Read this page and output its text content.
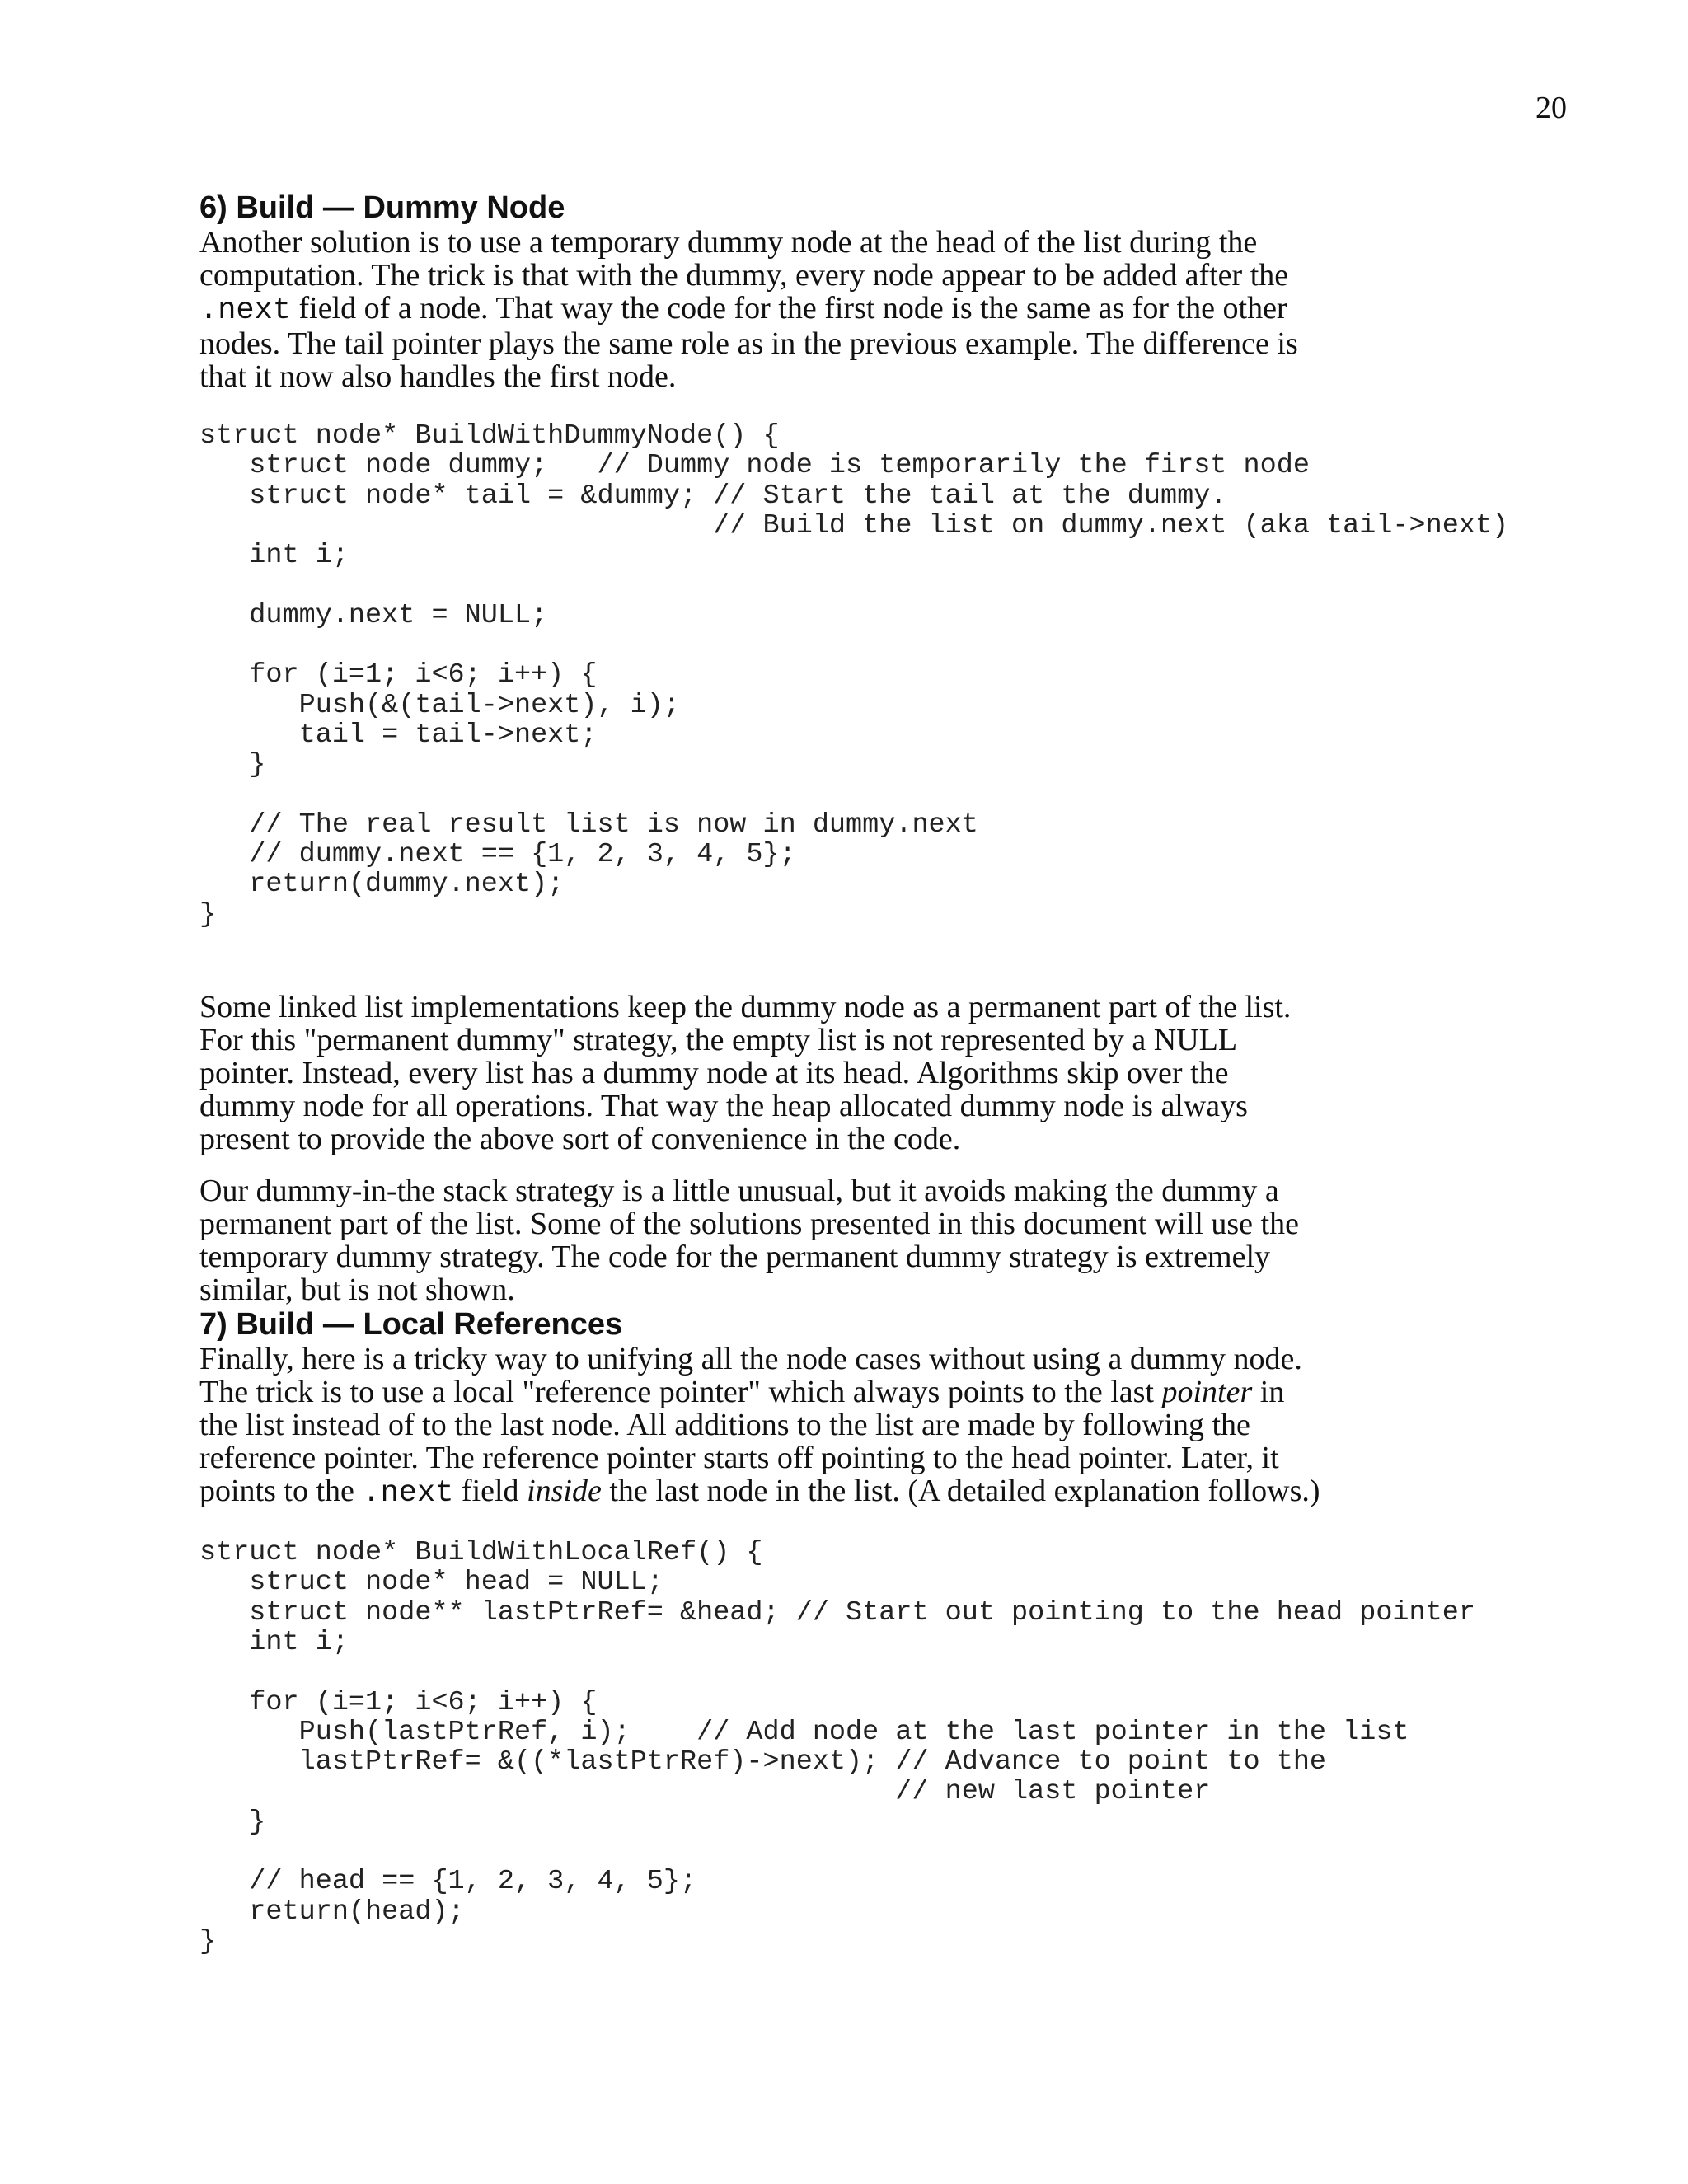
20
6) Build — Dummy Node

Another solution is to use a temporary dummy node at the head of the list during the
computation. The trick is that with the dummy, every node appear to be added after the
.next field of a node. That way the code for the first node is the same as for the other
nodes. The tail pointer plays the same role as in the previous example. The difference is
that it now also handles the first node.

struct node* BuildWithDummyNode() {
struct node dummy;   // Dummy node is temporarily the first node
struct node* tail = &dummy; // Start the tail at the dummy.
// Build the list on dummy.next (aka tail->next)
int i;

dummy.next = NULL;

for (i=1; i<6; i++) {
Push(&(tail->next), i);
tail = tail->next;
}

// The real result list is now in dummy.next
// dummy.next == {1, 2, 3, 4, 5};
return(dummy.next);
}

Some linked list implementations keep the dummy node as a permanent part of the list.
For this "permanent dummy" strategy, the empty list is not represented by a NULL
pointer. Instead, every list has a dummy node at its head. Algorithms skip over the
dummy node for all operations. That way the heap allocated dummy node is always
present to provide the above sort of convenience in the code.

Our dummy-in-the stack strategy is a little unusual, but it avoids making the dummy a
permanent part of the list. Some of the solutions presented in this document will use the
temporary dummy strategy. The code for the permanent dummy strategy is extremely
similar, but is not shown.

7) Build — Local References

Finally, here is a tricky way to unifying all the node cases without using a dummy node.
The trick is to use a local "reference pointer" which always points to the last pointer in
the list instead of to the last node. All additions to the list are made by following the
reference pointer. The reference pointer starts off pointing to the head pointer. Later, it
points to the .next field inside the last node in the list. (A detailed explanation follows.)

struct node* BuildWithLocalRef() {
struct node* head = NULL;
struct node** lastPtrRef= &head; // Start out pointing to the head pointer
int i;

for (i=1; i<6; i++) {
Push(lastPtrRef, i);    // Add node at the last pointer in the list
lastPtrRef= &((*lastPtrRef)->next); // Advance to point to the
// new last pointer
}

// head == {1, 2, 3, 4, 5};
return(head);
}
